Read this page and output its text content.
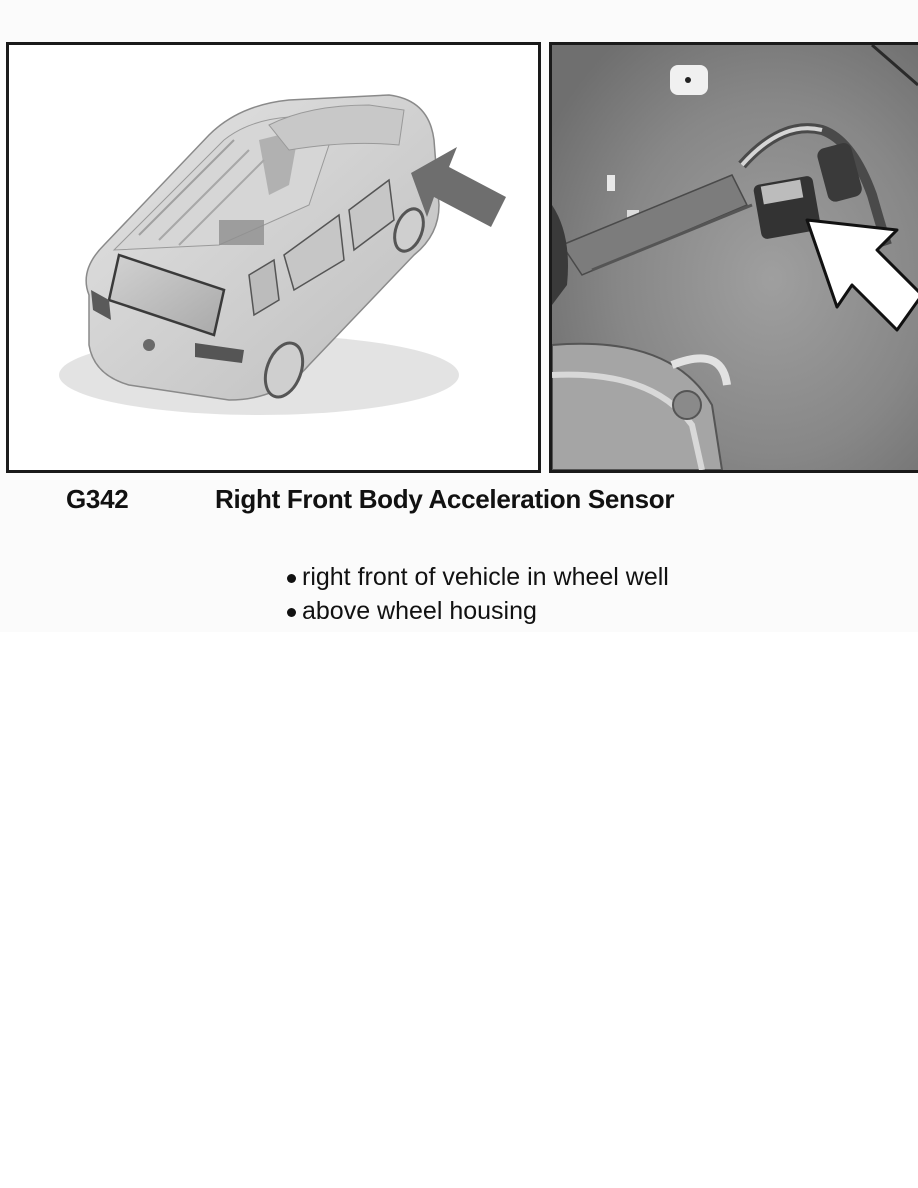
G342	Right Front Body Acceleration Sensor
right front of vehicle in wheel well
above wheel housing
